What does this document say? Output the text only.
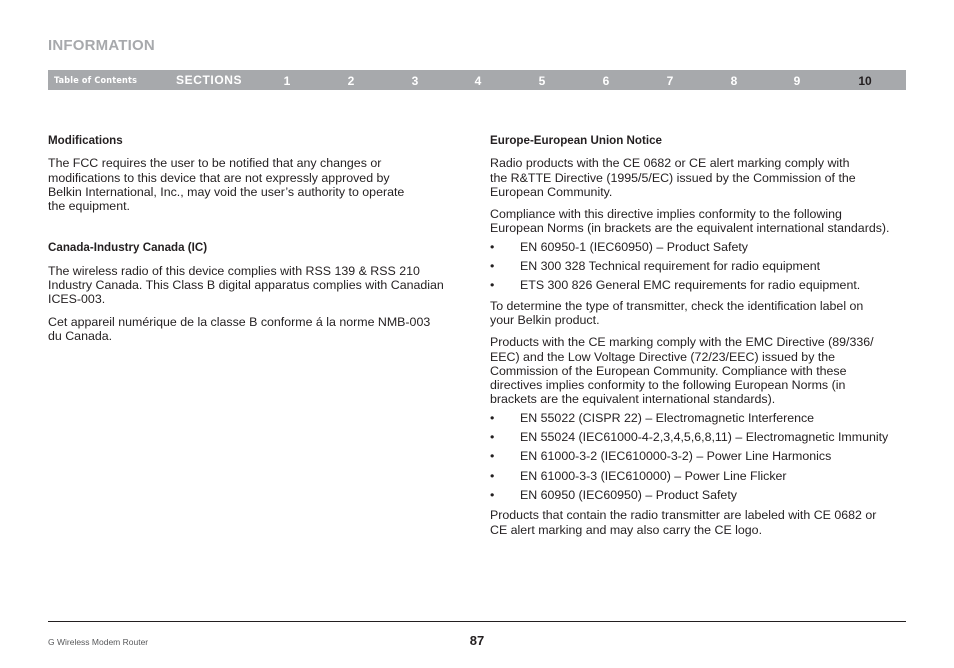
INFORMATION
Table of Contents	SECTIONS	1	2	3	4	5	6	7	8	9	10
Modifications
The FCC requires the user to be notified that any changes or
modifications to this device that are not expressly approved by
Belkin International, Inc., may void the user’s authority to operate
the equipment.
Canada-Industry Canada (IC)
The wireless radio of this device complies with RSS 139 & RSS 210
Industry Canada. This Class B digital apparatus complies with Canadian
ICES-003.
Cet appareil numérique de la classe B conforme á la norme NMB-003
du Canada.
Europe-European Union Notice
Radio products with the CE 0682 or CE alert marking comply with
the R&TTE Directive (1995/5/EC) issued by the Commission of the
European Community.
Compliance with this directive implies conformity to the following
European Norms (in brackets are the equivalent international standards).
• EN 60950-1 (IEC60950) – Product Safety
• EN 300 328 Technical requirement for radio equipment
• ETS 300 826 General EMC requirements for radio equipment.
To determine the type of transmitter, check the identification label on
your Belkin product.
Products with the CE marking comply with the EMC Directive (89/336/
EEC) and the Low Voltage Directive (72/23/EEC) issued by the
Commission of the European Community. Compliance with these
directives implies conformity to the following European Norms (in
brackets are the equivalent international standards).
• EN 55022 (CISPR 22) – Electromagnetic Interference
• EN 55024 (IEC61000-4-2,3,4,5,6,8,11) – Electromagnetic Immunity
• EN 61000-3-2 (IEC610000-3-2) – Power Line Harmonics
• EN 61000-3-3 (IEC610000) – Power Line Flicker
• EN 60950 (IEC60950) – Product Safety
Products that contain the radio transmitter are labeled with CE 0682 or
CE alert marking and may also carry the CE logo.
G Wireless Modem Router	87
